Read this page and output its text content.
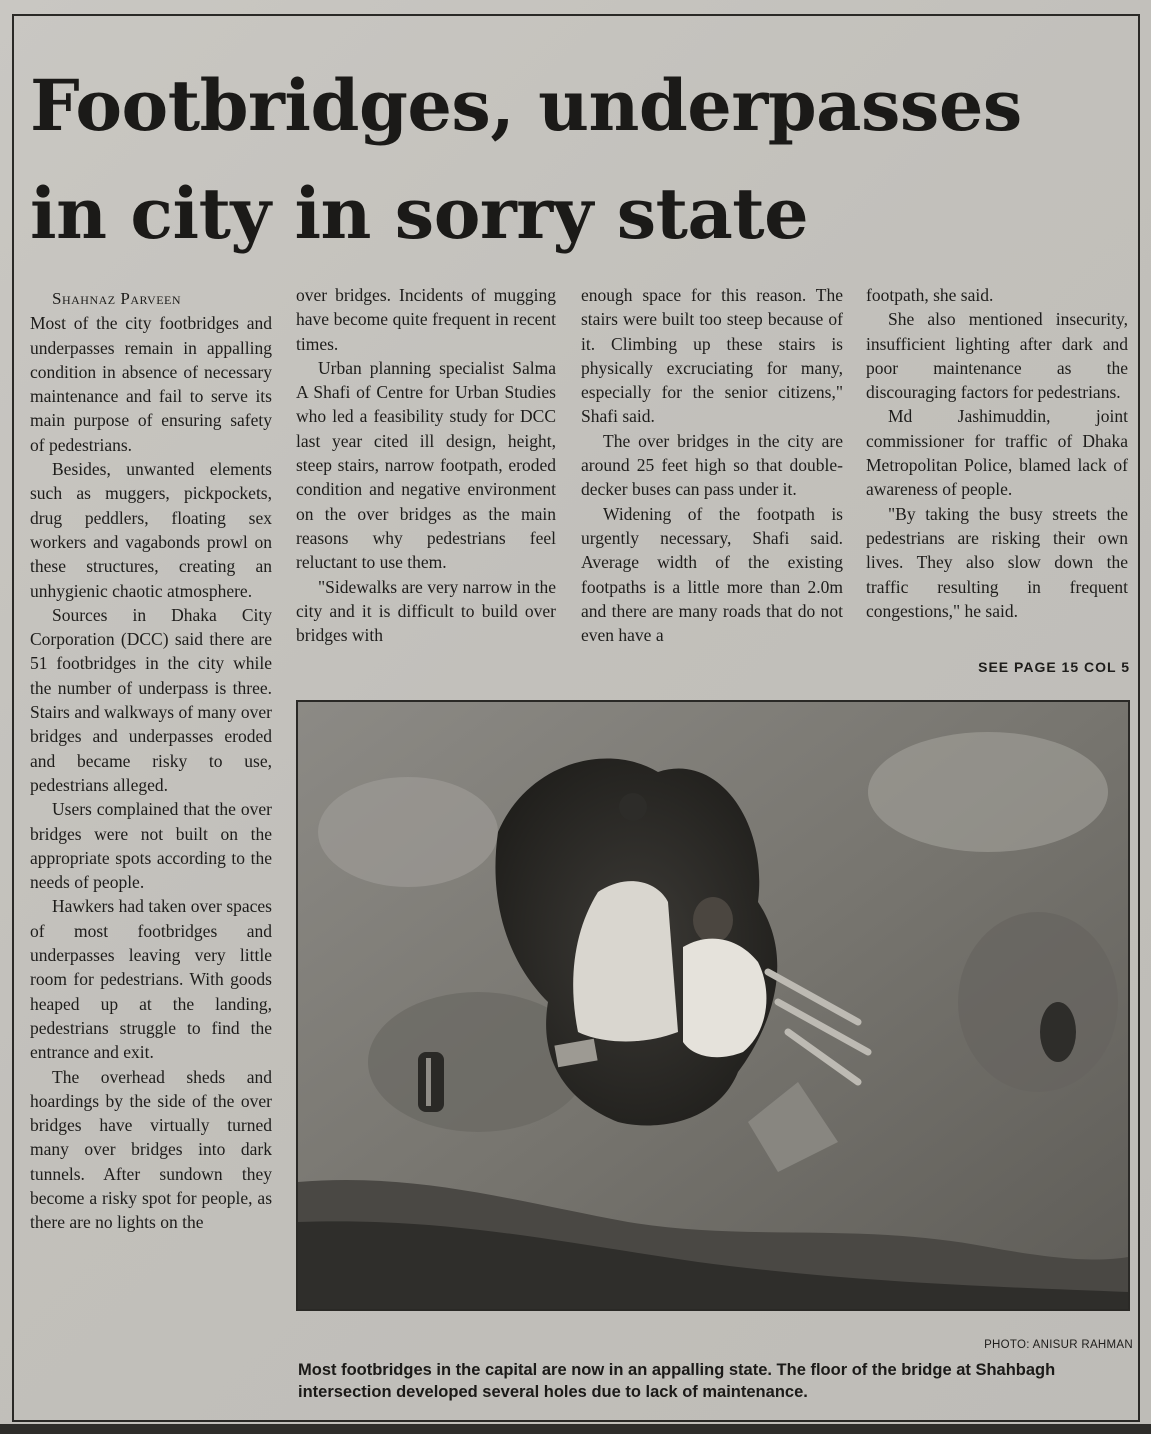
Footbridges, underpasses
in city in sorry state

Shahnaz Parveen

Most of the city footbridges and underpasses remain in appalling condition in absence of necessary maintenance and fail to serve its main purpose of ensuring safety of pedestrians.

Besides, unwanted elements such as muggers, pickpockets, drug peddlers, floating sex workers and vagabonds prowl on these structures, creating an unhygienic chaotic atmosphere.

Sources in Dhaka City Corporation (DCC) said there are 51 footbridges in the city while the number of underpass is three. Stairs and walkways of many over bridges and underpasses eroded and became risky to use, pedestrians alleged.

Users complained that the over bridges were not built on the appropriate spots according to the needs of people.

Hawkers had taken over spaces of most footbridges and underpasses leaving very little room for pedestrians. With goods heaped up at the landing, pedestrians struggle to find the entrance and exit.

The overhead sheds and hoardings by the side of the over bridges have virtually turned many over bridges into dark tunnels. After sundown they become a risky spot for people, as there are no lights on the

over bridges. Incidents of mugging have become quite frequent in recent times.

Urban planning specialist Salma A Shafi of Centre for Urban Studies who led a feasibility study for DCC last year cited ill design, height, steep stairs, narrow footpath, eroded condition and negative environment on the over bridges as the main reasons why pedestrians feel reluctant to use them.

"Sidewalks are very narrow in the city and it is difficult to build over bridges with

enough space for this reason. The stairs were built too steep because of it. Climbing up these stairs is physically excruciating for many, especially for the senior citizens," Shafi said.

The over bridges in the city are around 25 feet high so that double-decker buses can pass under it.

Widening of the footpath is urgently necessary, Shafi said. Average width of the existing footpaths is a little more than 2.0m and there are many roads that do not even have a

footpath, she said.

She also mentioned insecurity, insufficient lighting after dark and poor maintenance as the discouraging factors for pedestrians.

Md Jashimuddin, joint commissioner for traffic of Dhaka Metropolitan Police, blamed lack of awareness of people.

"By taking the busy streets the pedestrians are risking their own lives. They also slow down the traffic resulting in frequent congestions," he said.

SEE PAGE 15 COL 5
PHOTO: ANISUR RAHMAN
Most footbridges in the capital are now in an appalling state. The floor of the bridge at Shahbagh intersection developed several holes due to lack of maintenance.
